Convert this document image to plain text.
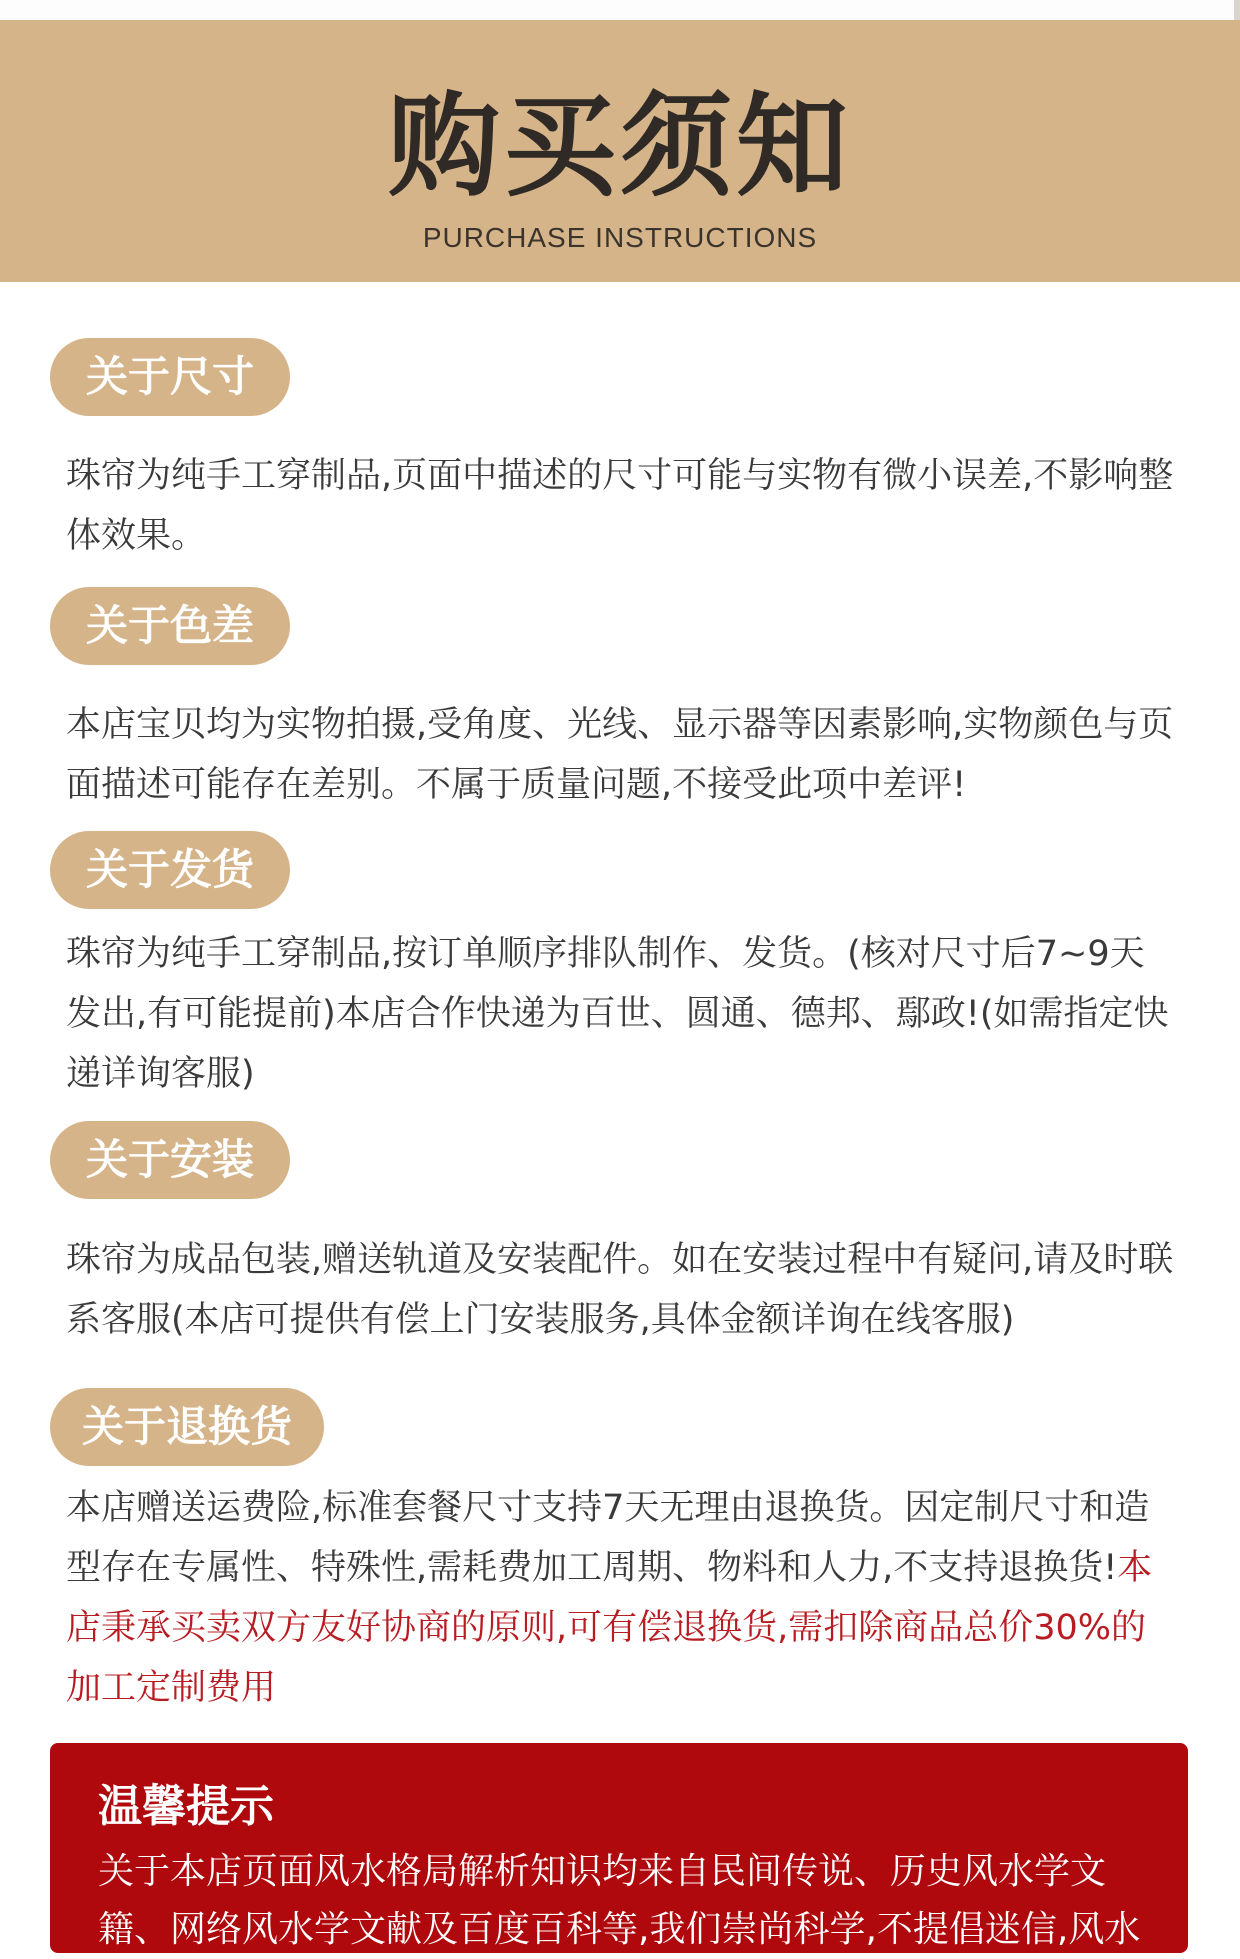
购买须知
PURCHASE INSTRUCTIONS
关于尺寸
珠帘为纯手工穿制品,页面中描述的尺寸可能与实物有微小误差,不影响整体效果。
关于色差
本店宝贝均为实物拍摄,受角度、光线、显示器等因素影响,实物颜色与页面描述可能存在差别。不属于质量问题,不接受此项中差评!
关于发货
珠帘为纯手工穿制品,按订单顺序排队制作、发货。(核对尺寸后7~9天发出,有可能提前)本店合作快递为百世、圆通、德邦、鄢政!(如需指定快递详询客服)
关于安装
珠帘为成品包装,赠送轨道及安装配件。如在安装过程中有疑问,请及时联系客服(本店可提供有偿上门安装服务,具体金额详询在线客服)
关于退换货
本店赠送运费险,标准套餐尺寸支持7天无理由退换货。因定制尺寸和造型存在专属性、特殊性,需耗费加工周期、物料和人力,不支持退换货!本店秉承买卖双方友好协商的原则,可有偿退换货,需扣除商品总价30%的加工定制费用
温馨提示
关于本店页面风水格局解析知识均来自民间传说、历史风水学文籍、网络风水学文献及百度百科等,我们崇尚科学,不提倡迷信,风水
